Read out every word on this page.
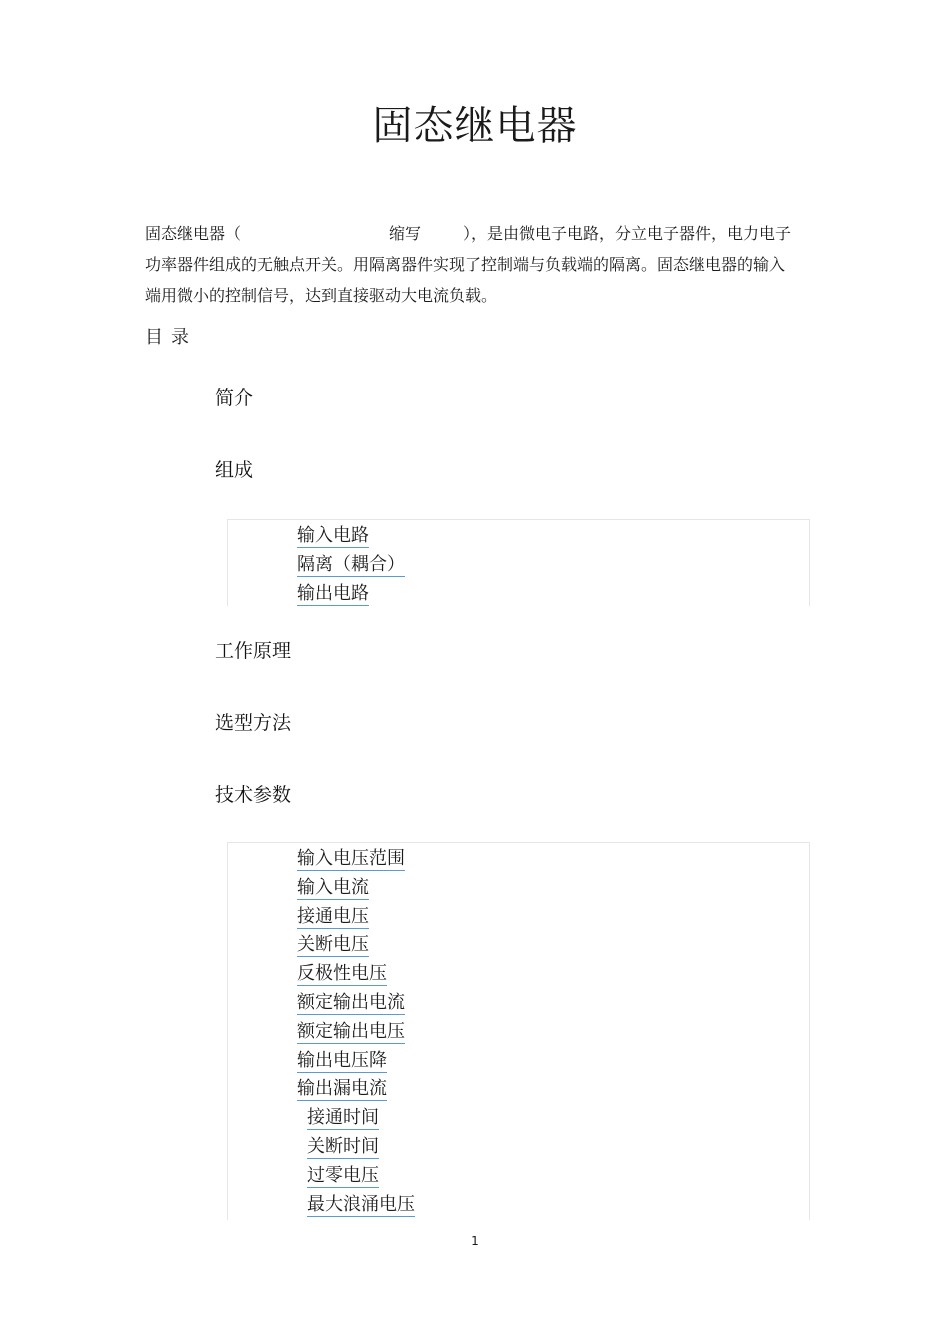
固态继电器

固态继电器（	缩写	），是由微电子电路，分立电子器件，电力电子
功率器件组成的无触点开关。用隔离器件实现了控制端与负载端的隔离。固态继电器的输入
端用微小的控制信号，达到直接驱动大电流负载。

目录
简介
组成
输入电路
隔离（耦合）
输出电路
工作原理
选型方法
技术参数
输入电压范围
输入电流
接通电压
关断电压
反极性电压
额定输出电流
额定输出电压
输出电压降
输出漏电流
接通时间
关断时间
过零电压
最大浪涌电压
1
